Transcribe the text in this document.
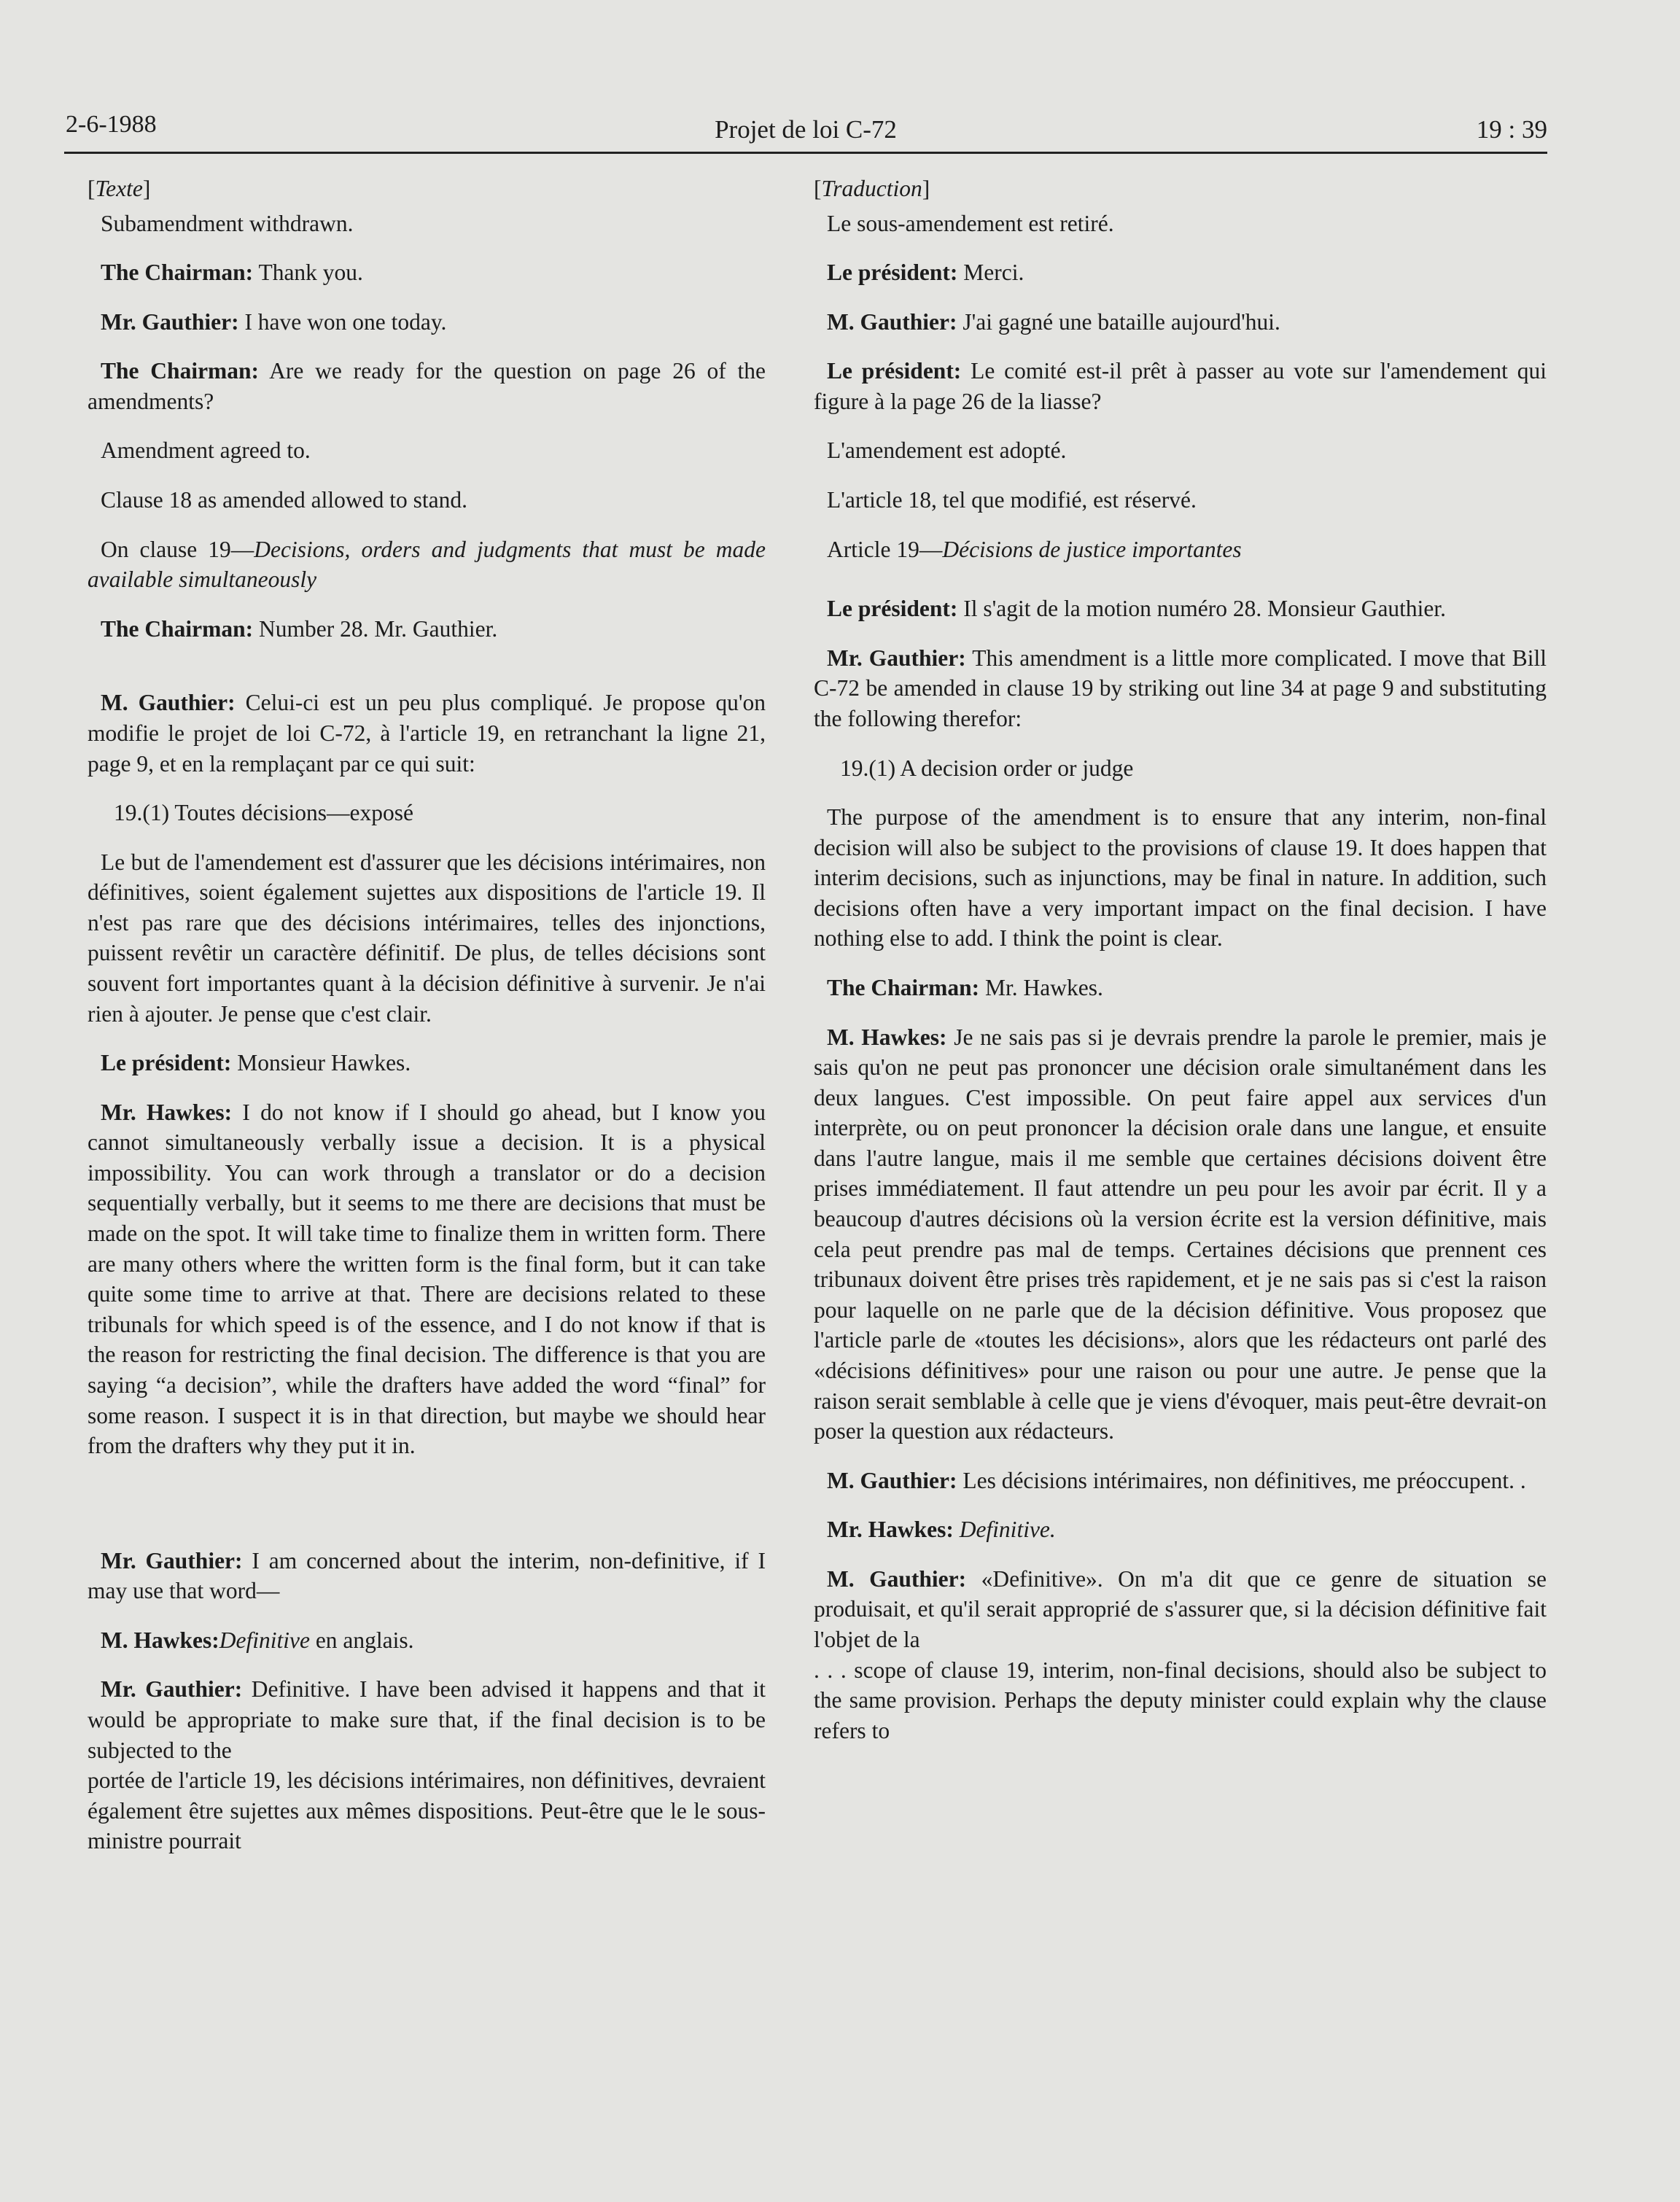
2-6-1988	Projet de loi C-72	19 : 39
[Texte]

Subamendment withdrawn.

The Chairman: Thank you.

Mr. Gauthier: I have won one today.

The Chairman: Are we ready for the question on page 26 of the amendments?

Amendment agreed to.

Clause 18 as amended allowed to stand.

On clause 19—Decisions, orders and judgments that must be made available simultaneously

The Chairman: Number 28. Mr. Gauthier.

M. Gauthier: Celui-ci est un peu plus compliqué. Je propose qu'on modifie le projet de loi C-72, à l'article 19, en retranchant la ligne 21, page 9, et en la remplaçant par ce qui suit:

19.(1) Toutes décisions—exposé

Le but de l'amendement est d'assurer que les décisions intérimaires, non définitives, soient également sujettes aux dispositions de l'article 19. Il n'est pas rare que des décisions intérimaires, telles des injonctions, puissent revêtir un caractère définitif. De plus, de telles décisions sont souvent fort importantes quant à la décision définitive à survenir. Je n'ai rien à ajouter. Je pense que c'est clair.

Le président: Monsieur Hawkes.

Mr. Hawkes: I do not know if I should go ahead, but I know you cannot simultaneously verbally issue a decision. It is a physical impossibility. You can work through a translator or do a decision sequentially verbally, but it seems to me there are decisions that must be made on the spot. It will take time to finalize them in written form. There are many others where the written form is the final form, but it can take quite some time to arrive at that. There are decisions related to these tribunals for which speed is of the essence, and I do not know if that is the reason for restricting the final decision. The difference is that you are saying “a decision”, while the drafters have added the word “final” for some reason. I suspect it is in that direction, but maybe we should hear from the drafters why they put it in.

Mr. Gauthier: I am concerned about the interim, non-definitive, if I may use that word—

M. Hawkes:Definitive en anglais.

Mr. Gauthier: Definitive. I have been advised it happens and that it would be appropriate to make sure that, if the final decision is to be subjected to the

portée de l'article 19, les décisions intérimaires, non définitives, devraient également être sujettes aux mêmes dispositions. Peut-être que le le sous-ministre pourrait

[Traduction]

Le sous-amendement est retiré.

Le président: Merci.

M. Gauthier: J'ai gagné une bataille aujourd'hui.

Le président: Le comité est-il prêt à passer au vote sur l'amendement qui figure à la page 26 de la liasse?

L'amendement est adopté.

L'article 18, tel que modifié, est réservé.

Article 19—Décisions de justice importantes

Le président: Il s'agit de la motion numéro 28. Monsieur Gauthier.

Mr. Gauthier: This amendment is a little more complicated. I move that Bill C-72 be amended in clause 19 by striking out line 34 at page 9 and substituting the following therefor:

19.(1) A decision order or judge

The purpose of the amendment is to ensure that any interim, non-final decision will also be subject to the provisions of clause 19. It does happen that interim decisions, such as injunctions, may be final in nature. In addition, such decisions often have a very important impact on the final decision. I have nothing else to add. I think the point is clear.

The Chairman: Mr. Hawkes.

M. Hawkes: Je ne sais pas si je devrais prendre la parole le premier, mais je sais qu'on ne peut pas prononcer une décision orale simultanément dans les deux langues. C'est impossible. On peut faire appel aux services d'un interprète, ou on peut prononcer la décision orale dans une langue, et ensuite dans l'autre langue, mais il me semble que certaines décisions doivent être prises immédiatement. Il faut attendre un peu pour les avoir par écrit. Il y a beaucoup d'autres décisions où la version écrite est la version définitive, mais cela peut prendre pas mal de temps. Certaines décisions que prennent ces tribunaux doivent être prises très rapidement, et je ne sais pas si c'est la raison pour laquelle on ne parle que de la décision définitive. Vous proposez que l'article parle de «toutes les décisions», alors que les rédacteurs ont parlé des «décisions définitives» pour une raison ou pour une autre. Je pense que la raison serait semblable à celle que je viens d'évoquer, mais peut-être devrait-on poser la question aux rédacteurs.

M. Gauthier: Les décisions intérimaires, non définitives, me préoccupent. .

Mr. Hawkes: Definitive.

M. Gauthier: «Definitive». On m'a dit que ce genre de situation se produisait, et qu'il serait approprié de s'assurer que, si la décision définitive fait l'objet de la

. . . scope of clause 19, interim, non-final decisions, should also be subject to the same provision. Perhaps the deputy minister could explain why the clause refers to
